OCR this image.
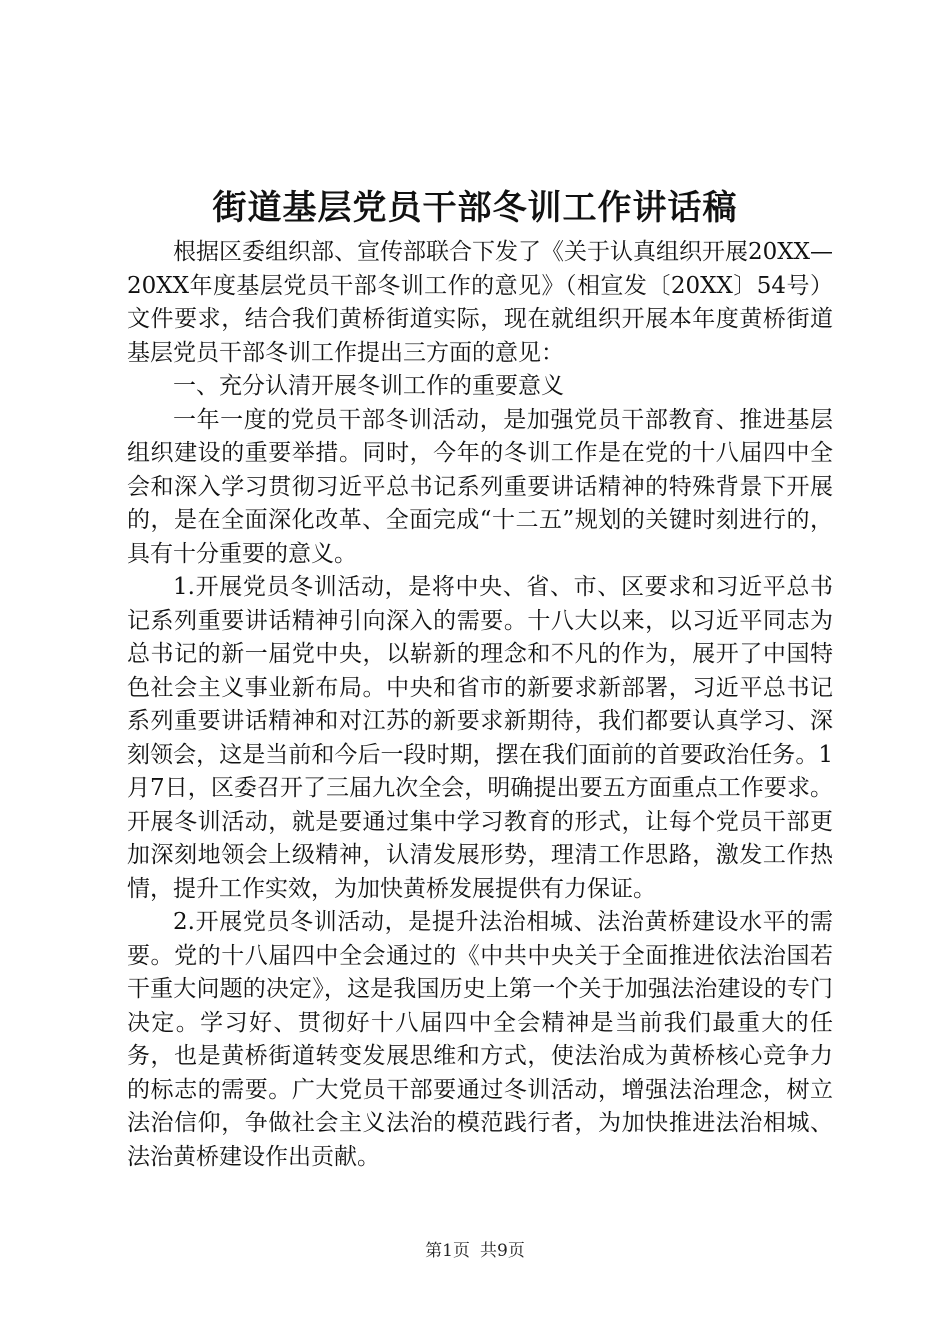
街道基层党员干部冬训工作讲话稿

根据区委组织部、宣传部联合下发了《关于认真组织开展20XX—20XX年度基层党员干部冬训工作的意见》（相宣发〔20XX〕54号）文件要求，结合我们黄桥街道实际，现在就组织开展本年度黄桥街道基层党员干部冬训工作提出三方面的意见：

一、充分认清开展冬训工作的重要意义

一年一度的党员干部冬训活动，是加强党员干部教育、推进基层组织建设的重要举措。同时，今年的冬训工作是在党的十八届四中全会和深入学习贯彻习近平总书记系列重要讲话精神的特殊背景下开展的，是在全面深化改革、全面完成“十二五”规划的关键时刻进行的，具有十分重要的意义。

1.开展党员冬训活动，是将中央、省、市、区要求和习近平总书记系列重要讲话精神引向深入的需要。十八大以来，以习近平同志为总书记的新一届党中央，以崭新的理念和不凡的作为，展开了中国特色社会主义事业新布局。中央和省市的新要求新部署，习近平总书记系列重要讲话精神和对江苏的新要求新期待，我们都要认真学习、深刻领会，这是当前和今后一段时期，摆在我们面前的首要政治任务。1月7日，区委召开了三届九次全会，明确提出要五方面重点工作要求。开展冬训活动，就是要通过集中学习教育的形式，让每个党员干部更加深刻地领会上级精神，认清发展形势，理清工作思路，激发工作热情，提升工作实效，为加快黄桥发展提供有力保证。

2.开展党员冬训活动，是提升法治相城、法治黄桥建设水平的需要。党的十八届四中全会通过的《中共中央关于全面推进依法治国若干重大问题的决定》，这是我国历史上第一个关于加强法治建设的专门决定。学习好、贯彻好十八届四中全会精神是当前我们最重大的任务，也是黄桥街道转变发展思维和方式，使法治成为黄桥核心竞争力的标志的需要。广大党员干部要通过冬训活动，增强法治理念，树立法治信仰，争做社会主义法治的模范践行者，为加快推进法治相城、法治黄桥建设作出贡献。

第1页 共9页
